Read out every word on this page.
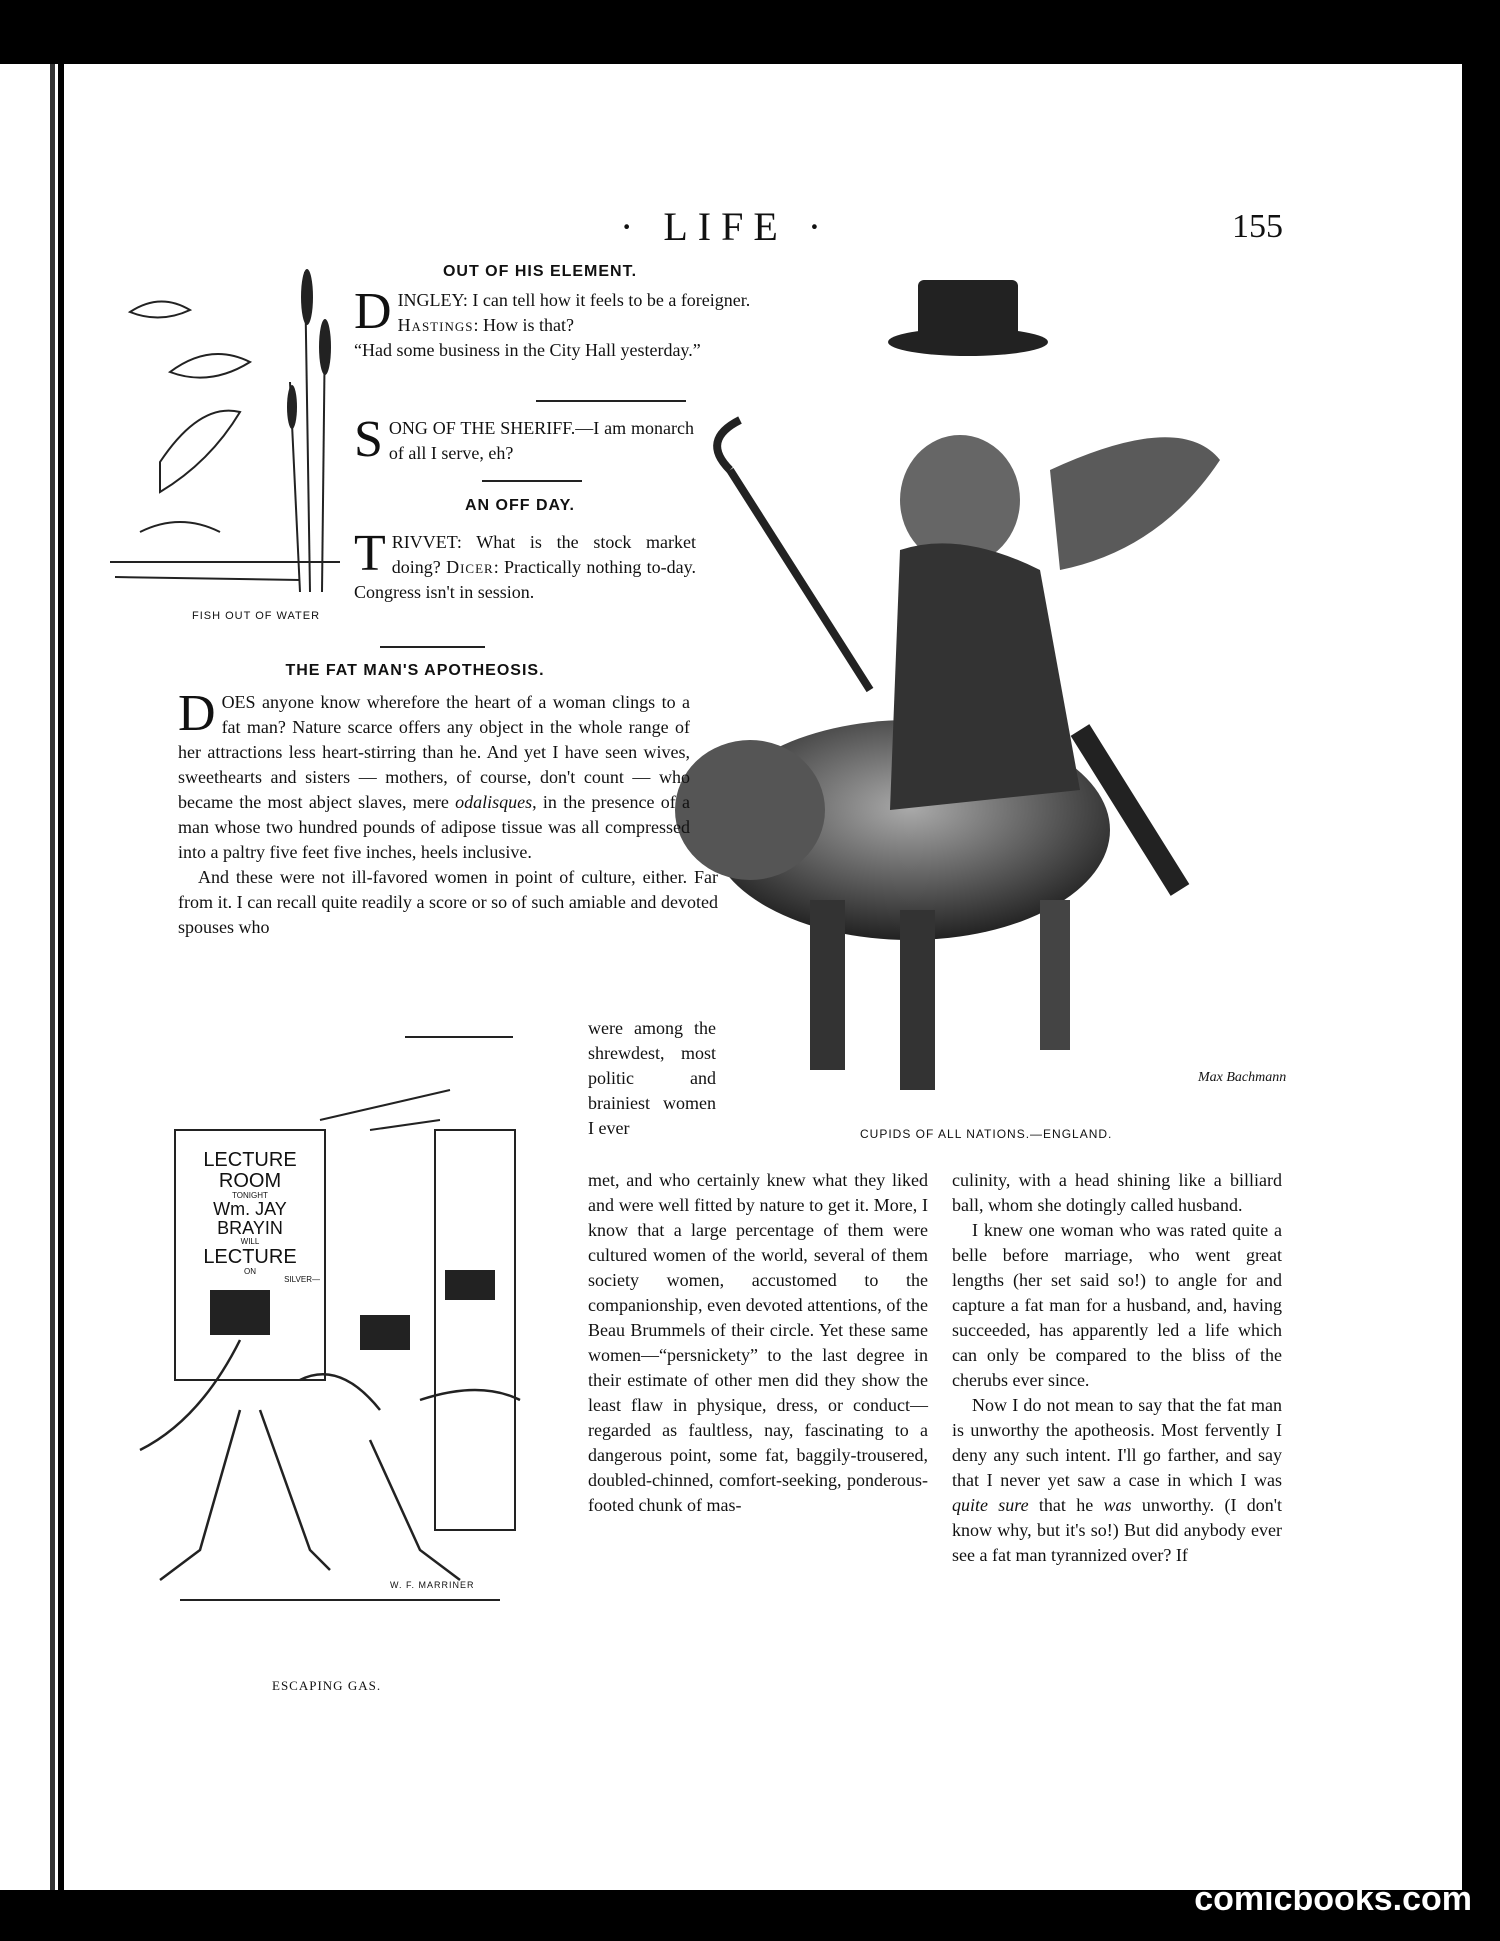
· LIFE ·	155
FISH OUT OF WATER
OUT OF HIS ELEMENT.
D INGLEY: I can tell how it feels to be a foreigner.
Hastings: How is that?
“Had some business in the City Hall yesterday.”
S ONG OF THE SHERIFF.—I am monarch of all I serve, eh?
AN OFF DAY.
T RIVVET: What is the stock market doing? Dicer: Practically nothing to-day. Congress isn't in session.
Max Bachmann
CUPIDS OF ALL NATIONS.—ENGLAND.
THE FAT MAN'S APOTHEOSIS.

DOES anyone know wherefore the heart of a woman clings to a fat man? Nature scarce offers any object in the whole range of her attractions less heart-stirring than he. And yet I have seen wives, sweethearts and sisters — mothers, of course, don't count — who became the most abject slaves, mere odalisques, in the presence of a man whose two hundred pounds of adipose tissue was all compressed into a paltry five feet five inches, heels inclusive.

And these were not ill-favored women in point of culture, either. Far from it. I can recall quite readily a score or so of such amiable and devoted spouses who

were among the shrewdest, most politic and brainiest women I ever
met, and who certainly knew what they liked and were well fitted by nature to get it. More, I know that a large percentage of them were cultured women of the world, several of them society women, accustomed to the companionship, even devoted attentions, of the Beau Brummels of their circle. Yet these same women—“persnickety” to the last degree in their estimate of other men did they show the least flaw in physique, dress, or conduct—regarded as faultless, nay, fascinating to a dangerous point, some fat, baggily-trousered, doubled-chinned, comfort-seeking, ponderous-footed chunk of mas-

culinity, with a head shining like a billiard ball, whom she dotingly called husband.

I knew one woman who was rated quite a belle before marriage, who went great lengths (her set said so!) to angle for and capture a fat man for a husband, and, having succeeded, has apparently led a life which can only be compared to the bliss of the cherubs ever since.

Now I do not mean to say that the fat man is unworthy the apotheosis. Most fervently I deny any such intent. I'll go farther, and say that I never yet saw a case in which I was quite sure that he was unworthy. (I don't know why, but it's so!) But did anybody ever see a fat man tyrannized over? If

LECTURE ROOM
TONIGHT
Wm. JAY BRAYIN
WILL
LECTURE
ON
SILVER—
W. F. MARRINER
ESCAPING GAS.
comicbooks.com
